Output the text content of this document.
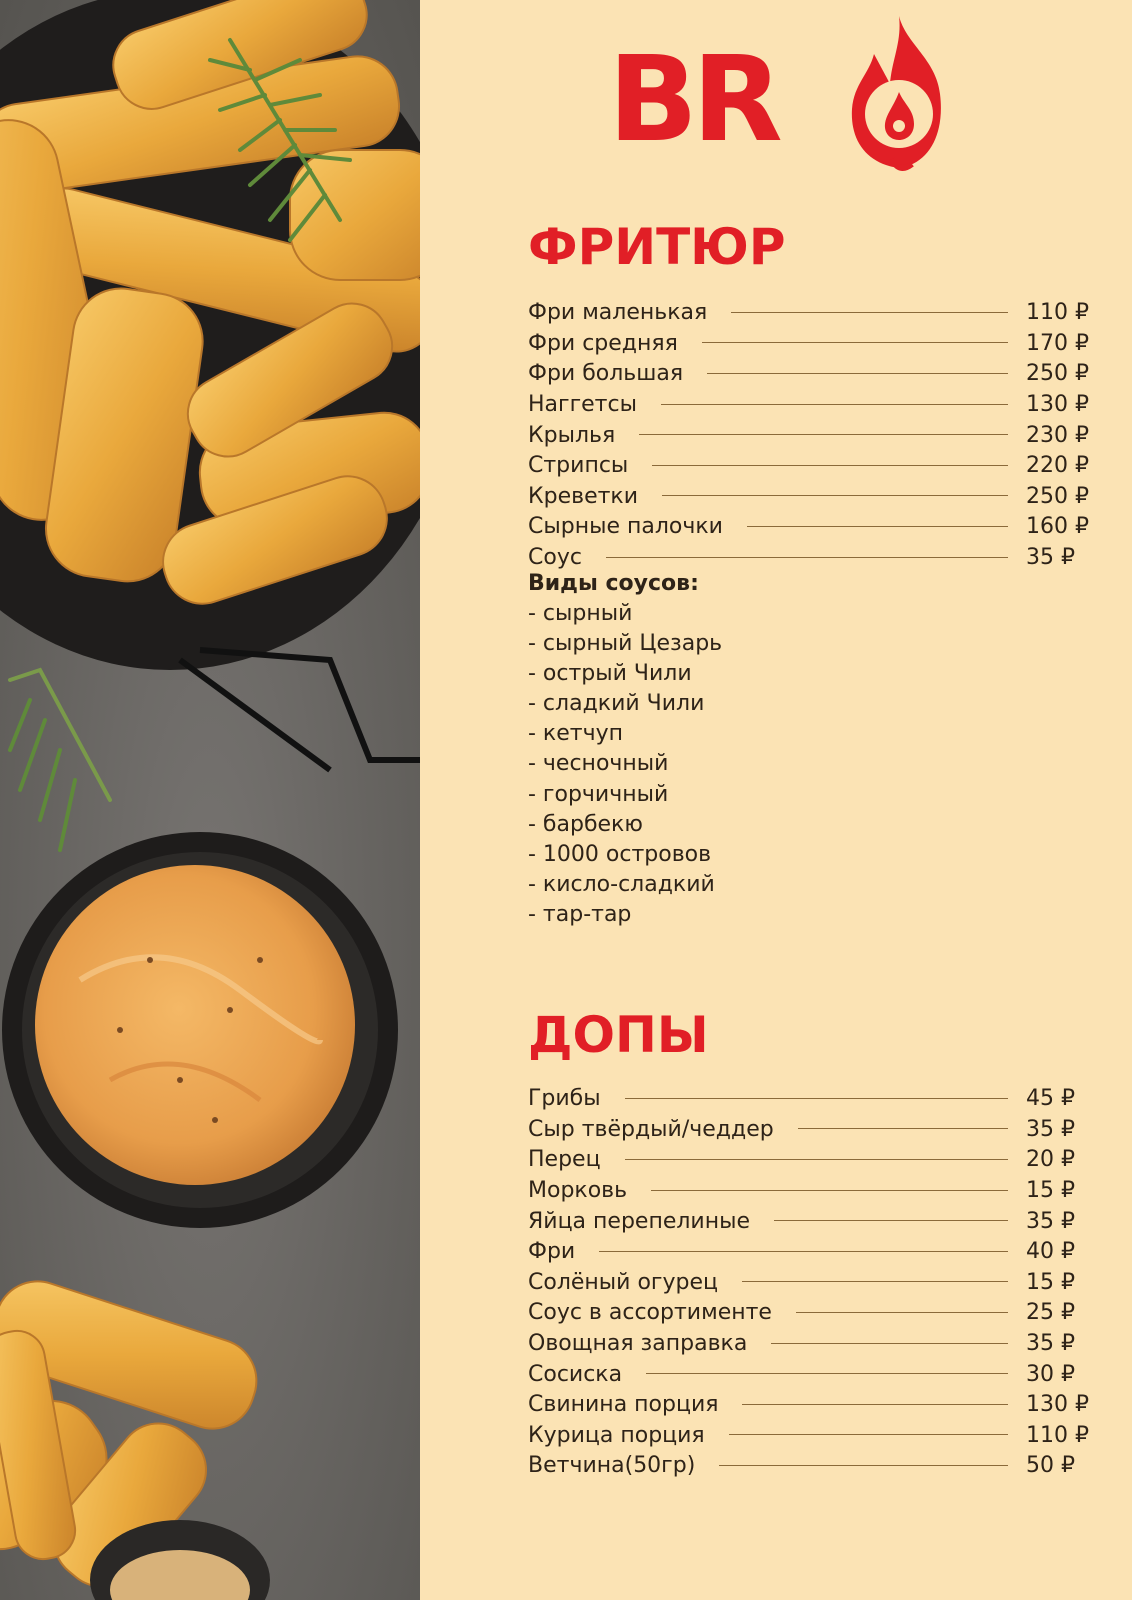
BR
ФРИТЮР
Фри маленькая	110 ₽
Фри средняя	170 ₽
Фри большая	250 ₽
Наггетсы	130 ₽
Крылья	230 ₽
Стрипсы	220 ₽
Креветки	250 ₽
Сырные палочки	160 ₽
Соус	35 ₽
Виды соусов:
- сырный
- сырный Цезарь
- острый Чили
- сладкий Чили
- кетчуп
- чесночный
- горчичный
- барбекю
- 1000 островов
- кисло-сладкий
- тар-тар
ДОПЫ
Грибы	45 ₽
Сыр твёрдый/чеддер	35 ₽
Перец	20 ₽
Морковь	15 ₽
Яйца перепелиные	35 ₽
Фри	40 ₽
Солёный огурец	15 ₽
Соус в ассортименте	25 ₽
Овощная заправка	35 ₽
Сосиска	30 ₽
Свинина порция	130 ₽
Курица порция	110 ₽
Ветчина(50гр)	50 ₽
